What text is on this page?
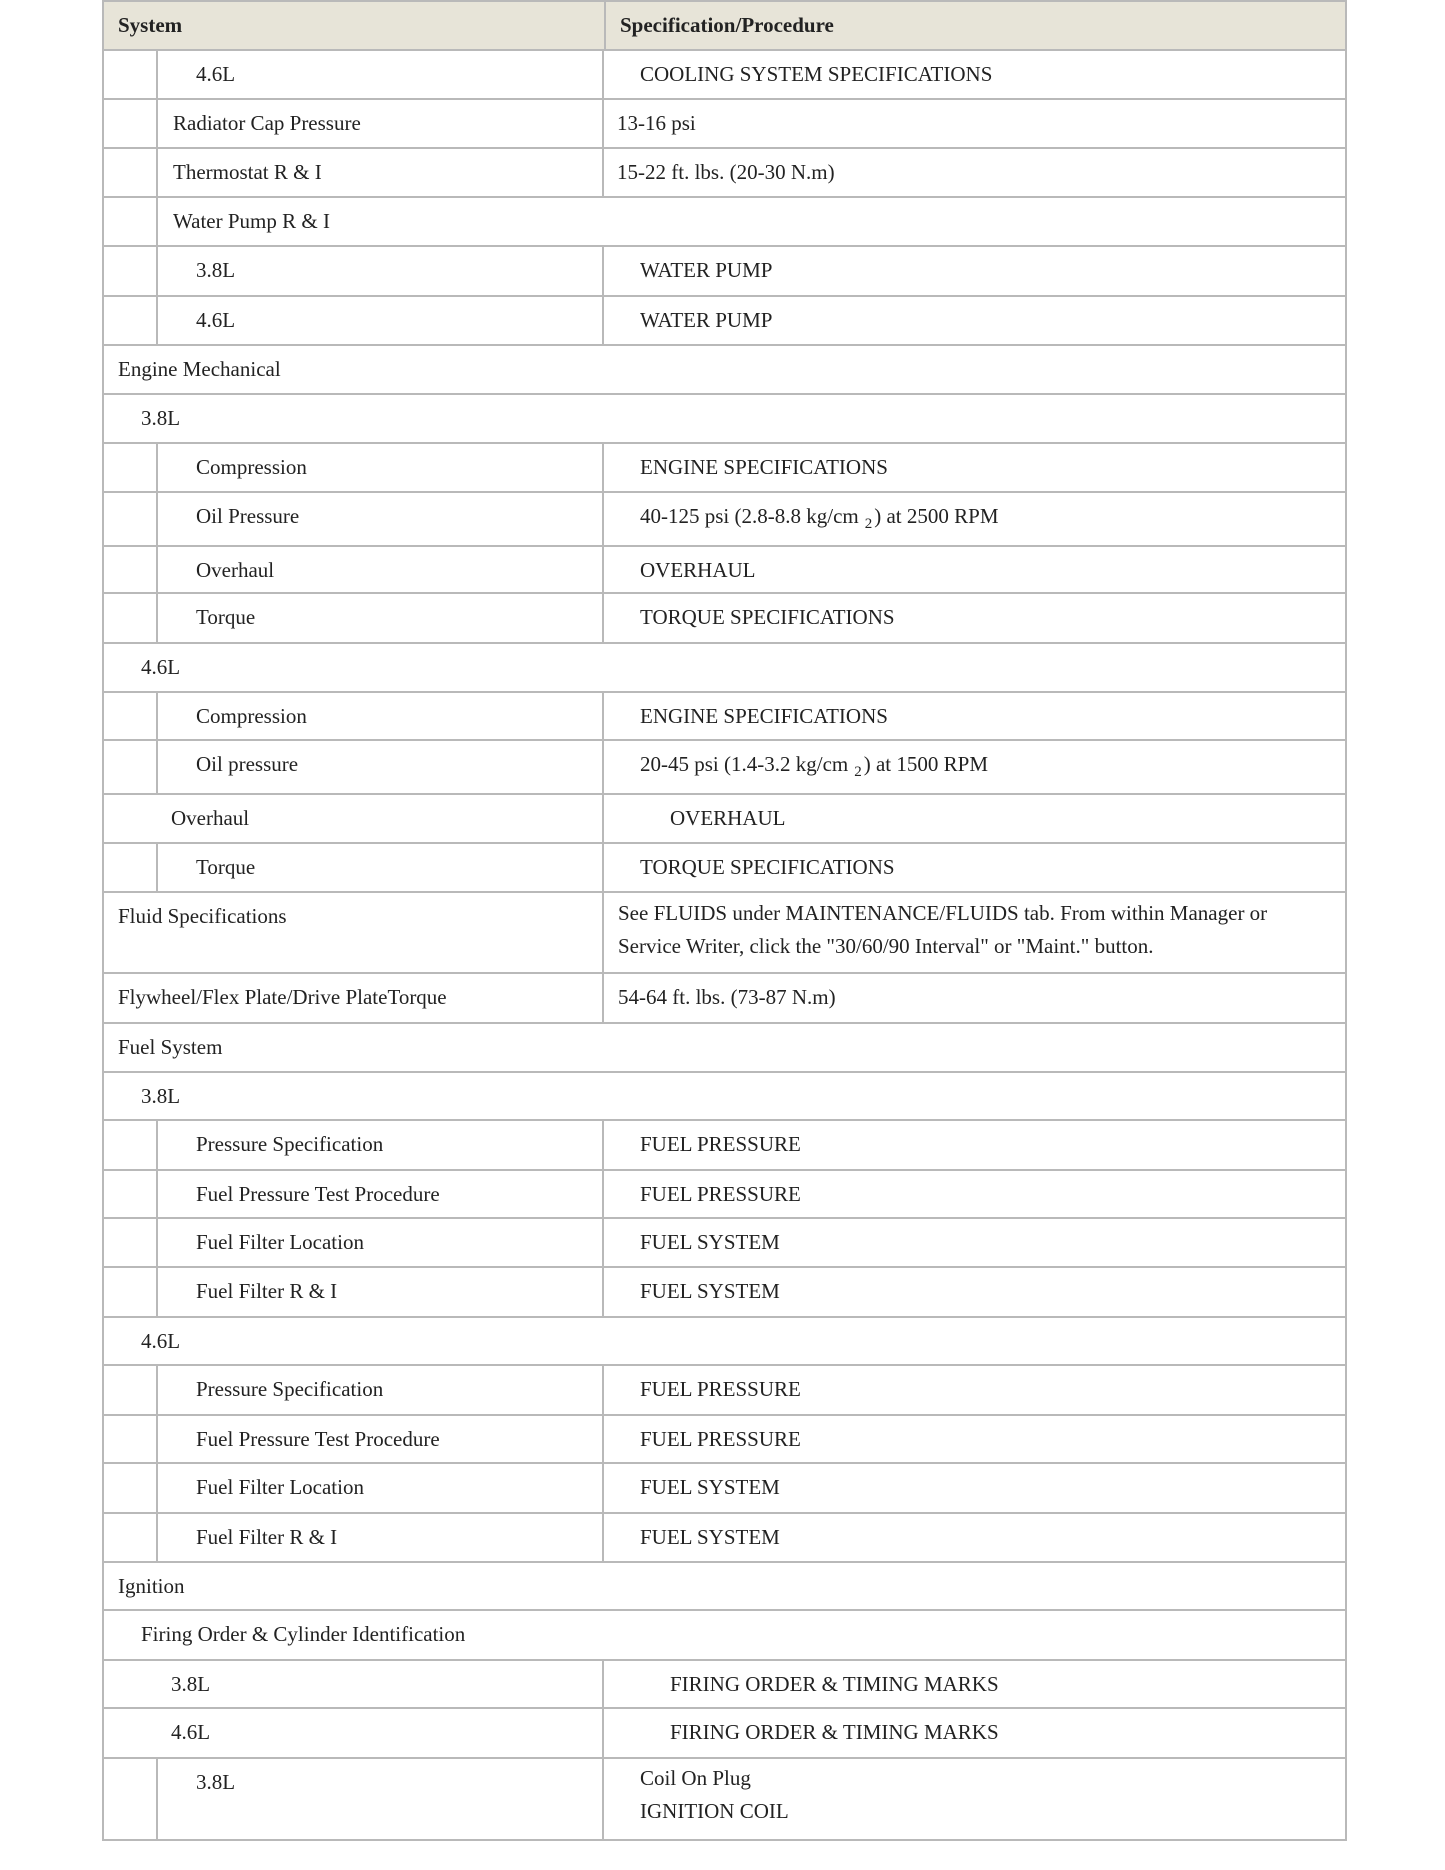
System	Specification/Procedure
4.6L	COOLING SYSTEM SPECIFICATIONS
Radiator Cap Pressure	13-16 psi
Thermostat R & I	15-22 ft. lbs. (20-30 N.m)
Water Pump R & I
3.8L	WATER PUMP
4.6L	WATER PUMP
Engine Mechanical
3.8L
Compression	ENGINE SPECIFICATIONS
Oil Pressure	40-125 psi (2.8-8.8 kg/cm $_2$) at 2500 RPM
Overhaul	OVERHAUL
Torque	TORQUE SPECIFICATIONS
4.6L
Compression	ENGINE SPECIFICATIONS
Oil pressure	20-45 psi (1.4-3.2 kg/cm $_2$) at 1500 RPM
Overhaul	OVERHAUL
Torque	TORQUE SPECIFICATIONS
Fluid Specifications	See FLUIDS under MAINTENANCE/FLUIDS tab. From within Manager or Service Writer, click the "30/60/90 Interval" or "Maint." button.
Flywheel/Flex Plate/Drive PlateTorque	54-64 ft. lbs. (73-87 N.m)
Fuel System
3.8L
Pressure Specification	FUEL PRESSURE
Fuel Pressure Test Procedure	FUEL PRESSURE
Fuel Filter Location	FUEL SYSTEM
Fuel Filter R & I	FUEL SYSTEM
4.6L
Pressure Specification	FUEL PRESSURE
Fuel Pressure Test Procedure	FUEL PRESSURE
Fuel Filter Location	FUEL SYSTEM
Fuel Filter R & I	FUEL SYSTEM
Ignition
Firing Order & Cylinder Identification
3.8L	FIRING ORDER & TIMING MARKS
4.6L	FIRING ORDER & TIMING MARKS
3.8L	Coil On Plug
IGNITION COIL
